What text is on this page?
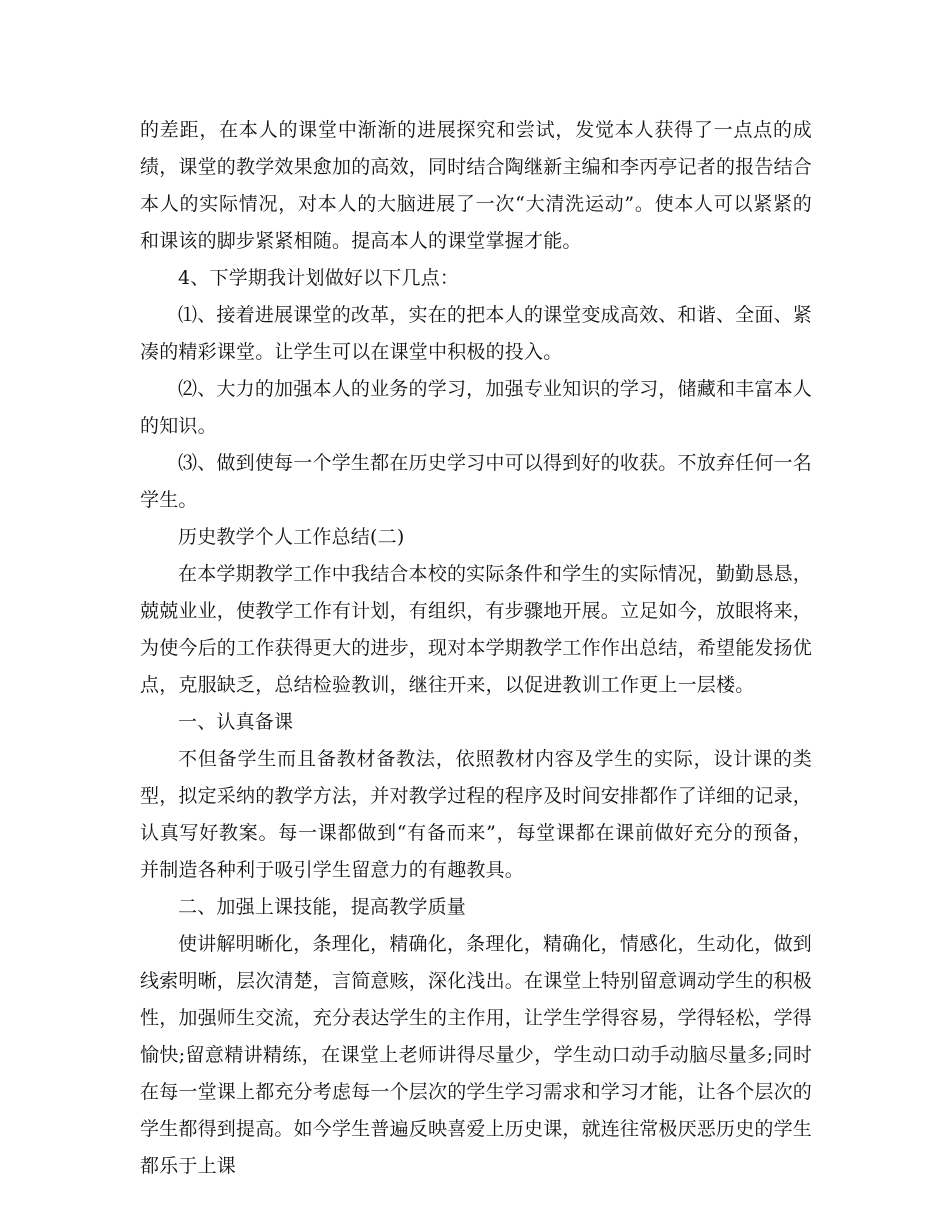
的差距，在本人的课堂中渐渐的进展探究和尝试，发觉本人获得了一点点的成绩，课堂的教学效果愈加的高效，同时结合陶继新主编和李丙亭记者的报告结合本人的实际情况，对本人的大脑进展了一次“大清洗运动”。使本人可以紧紧的和课该的脚步紧紧相随。提高本人的课堂掌握才能。

4、下学期我计划做好以下几点：

⑴、接着进展课堂的改革，实在的把本人的课堂变成高效、和谐、全面、紧凑的精彩课堂。让学生可以在课堂中积极的投入。

⑵、大力的加强本人的业务的学习，加强专业知识的学习，储藏和丰富本人的知识。

⑶、做到使每一个学生都在历史学习中可以得到好的收获。不放弃任何一名学生。

历史教学个人工作总结(二)

在本学期教学工作中我结合本校的实际条件和学生的实际情况，勤勤恳恳，兢兢业业，使教学工作有计划，有组织，有步骤地开展。立足如今，放眼将来，为使今后的工作获得更大的进步，现对本学期教学工作作出总结，希望能发扬优点，克服缺乏，总结检验教训，继往开来，以促进教训工作更上一层楼。

一、认真备课

不但备学生而且备教材备教法，依照教材内容及学生的实际，设计课的类型，拟定采纳的教学方法，并对教学过程的程序及时间安排都作了详细的记录，认真写好教案。每一课都做到“有备而来”，每堂课都在课前做好充分的预备，并制造各种利于吸引学生留意力的有趣教具。

二、加强上课技能，提高教学质量

使讲解明晰化，条理化，精确化，条理化，精确化，情感化，生动化，做到线索明晰，层次清楚，言简意赅，深化浅出。在课堂上特别留意调动学生的积极性，加强师生交流，充分表达学生的主作用，让学生学得容易，学得轻松，学得愉快;留意精讲精练，在课堂上老师讲得尽量少，学生动口动手动脑尽量多;同时在每一堂课上都充分考虑每一个层次的学生学习需求和学习才能，让各个层次的学生都得到提高。如今学生普遍反映喜爱上历史课，就连往常极厌恶历史的学生都乐于上课
